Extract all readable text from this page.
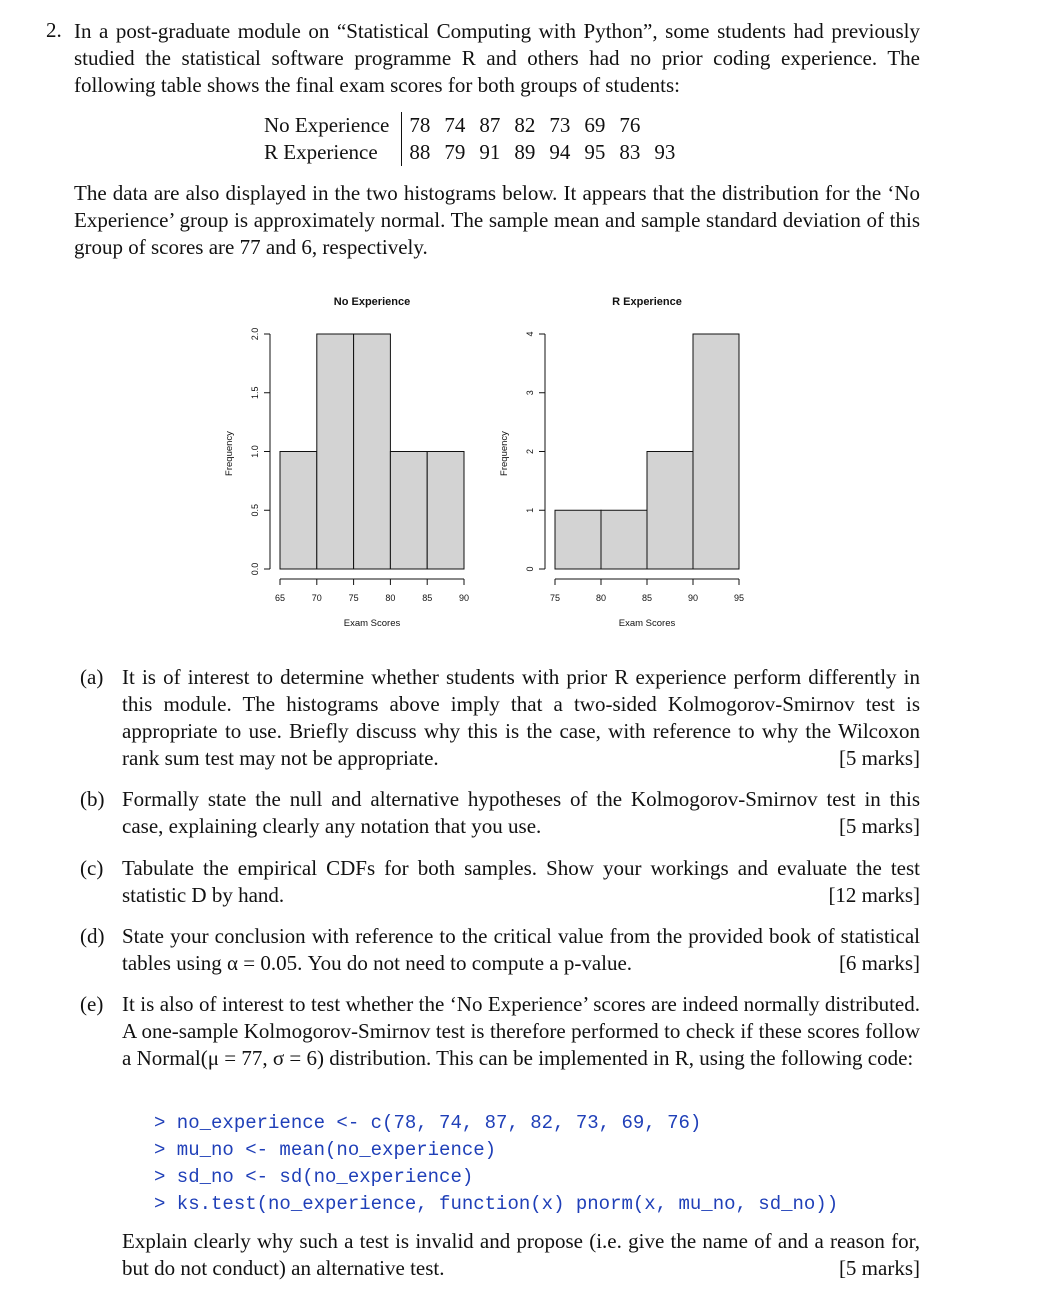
2. In a post-graduate module on “Statistical Computing with Python”, some students had previously studied the statistical software programme R and others had no prior coding experience. The following table shows the final exam scores for both groups of students:
No Experience	78	74	87	82	73	69	76	
R Experience	88	79	91	89	94	95	83	93
The data are also displayed in the two histograms below. It appears that the distribution for the ‘No Experience’ group is approximately normal. The sample mean and sample standard deviation of this group of scores are 77 and 6, respectively.
No Experience
65	70	75	80	85	90
Exam Scores
0.0
0.5
1.0
1.5
2.0
Frequency
R Experience
75	80	85	90	95
Exam Scores
0
1
2
3
4
Frequency
(a) It is of interest to determine whether students with prior R experience perform differently in this module. The histograms above imply that a two-sided Kolmogorov-Smirnov test is appropriate to use. Briefly discuss why this is the case, with reference to why the Wilcoxon rank sum test may not be appropriate.	[5 marks]
(b) Formally state the null and alternative hypotheses of the Kolmogorov-Smirnov test in this case, explaining clearly any notation that you use.	[5 marks]
(c) Tabulate the empirical CDFs for both samples. Show your workings and evaluate the test statistic D by hand.	[12 marks]
(d) State your conclusion with reference to the critical value from the provided book of statistical tables using α = 0.05. You do not need to compute a p-value.	[6 marks]
(e) It is also of interest to test whether the ‘No Experience’ scores are indeed normally distributed. A one-sample Kolmogorov-Smirnov test is therefore performed to check if these scores follow a Normal(μ = 77, σ = 6) distribution. This can be implemented in R, using the following code:
> no_experience <- c(78, 74, 87, 82, 73, 69, 76)
> mu_no <- mean(no_experience)
> sd_no <- sd(no_experience)
> ks.test(no_experience, function(x) pnorm(x, mu_no, sd_no))
Explain clearly why such a test is invalid and propose (i.e. give the name of and a reason for, but do not conduct) an alternative test.	[5 marks]
